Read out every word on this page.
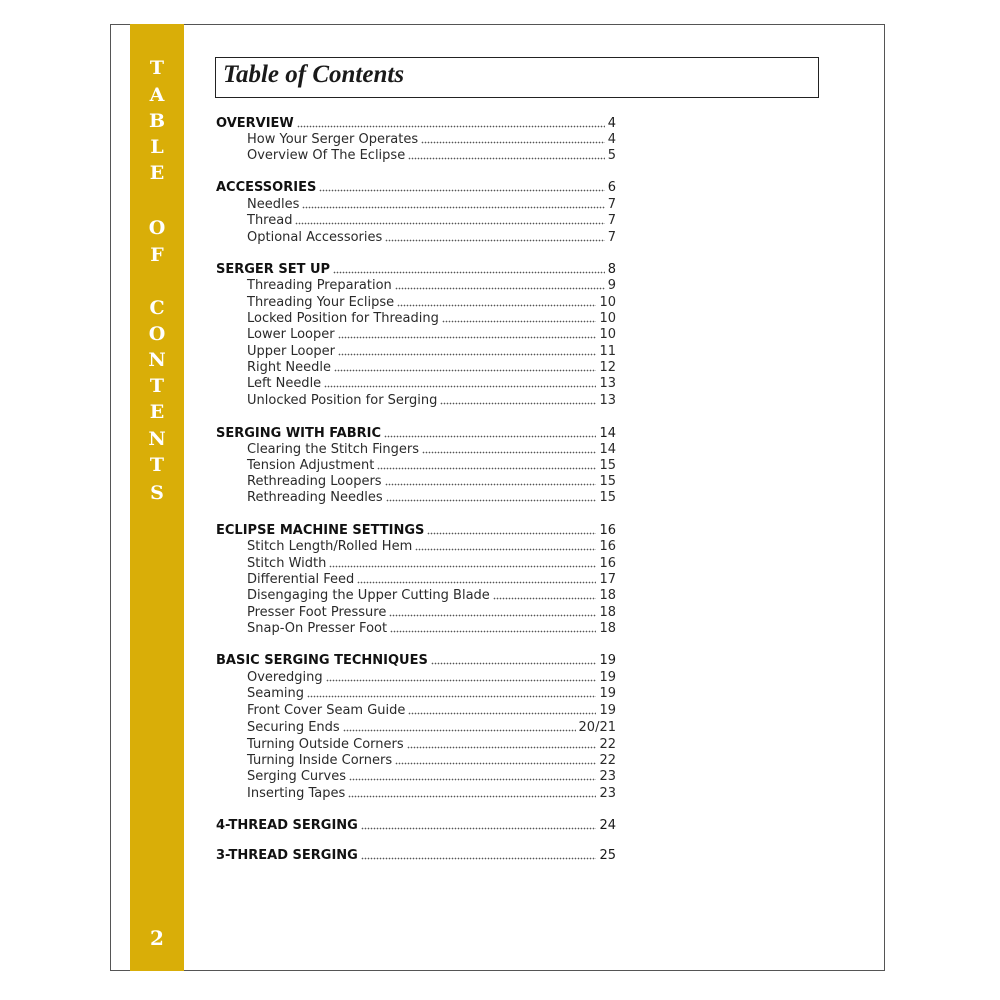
T
A
B
L
E
O
F
C
O
N
T
E
N
T
S
2
Table of Contents
OVERVIEW	4
How Your Serger Operates	4
Overview Of The Eclipse	5
ACCESSORIES	6
Needles	7
Thread	7
Optional Accessories	7
SERGER SET UP	8
Threading Preparation	9
Threading Your Eclipse	10
Locked Position for Threading	10
Lower Looper	10
Upper Looper	11
Right Needle	12
Left Needle	13
Unlocked Position for Serging	13
SERGING WITH FABRIC	14
Clearing the Stitch Fingers	14
Tension Adjustment	15
Rethreading Loopers	15
Rethreading Needles	15
ECLIPSE MACHINE SETTINGS	16
Stitch Length/Rolled Hem	16
Stitch Width	16
Differential Feed	17
Disengaging the Upper Cutting Blade	18
Presser Foot Pressure	18
Snap-On Presser Foot	18
BASIC SERGING TECHNIQUES	19
Overedging	19
Seaming	19
Front Cover Seam Guide	19
Securing Ends	20/21
Turning Outside Corners	22
Turning Inside Corners	22
Serging Curves	23
Inserting Tapes	23
4-THREAD SERGING	24
3-THREAD SERGING	25
